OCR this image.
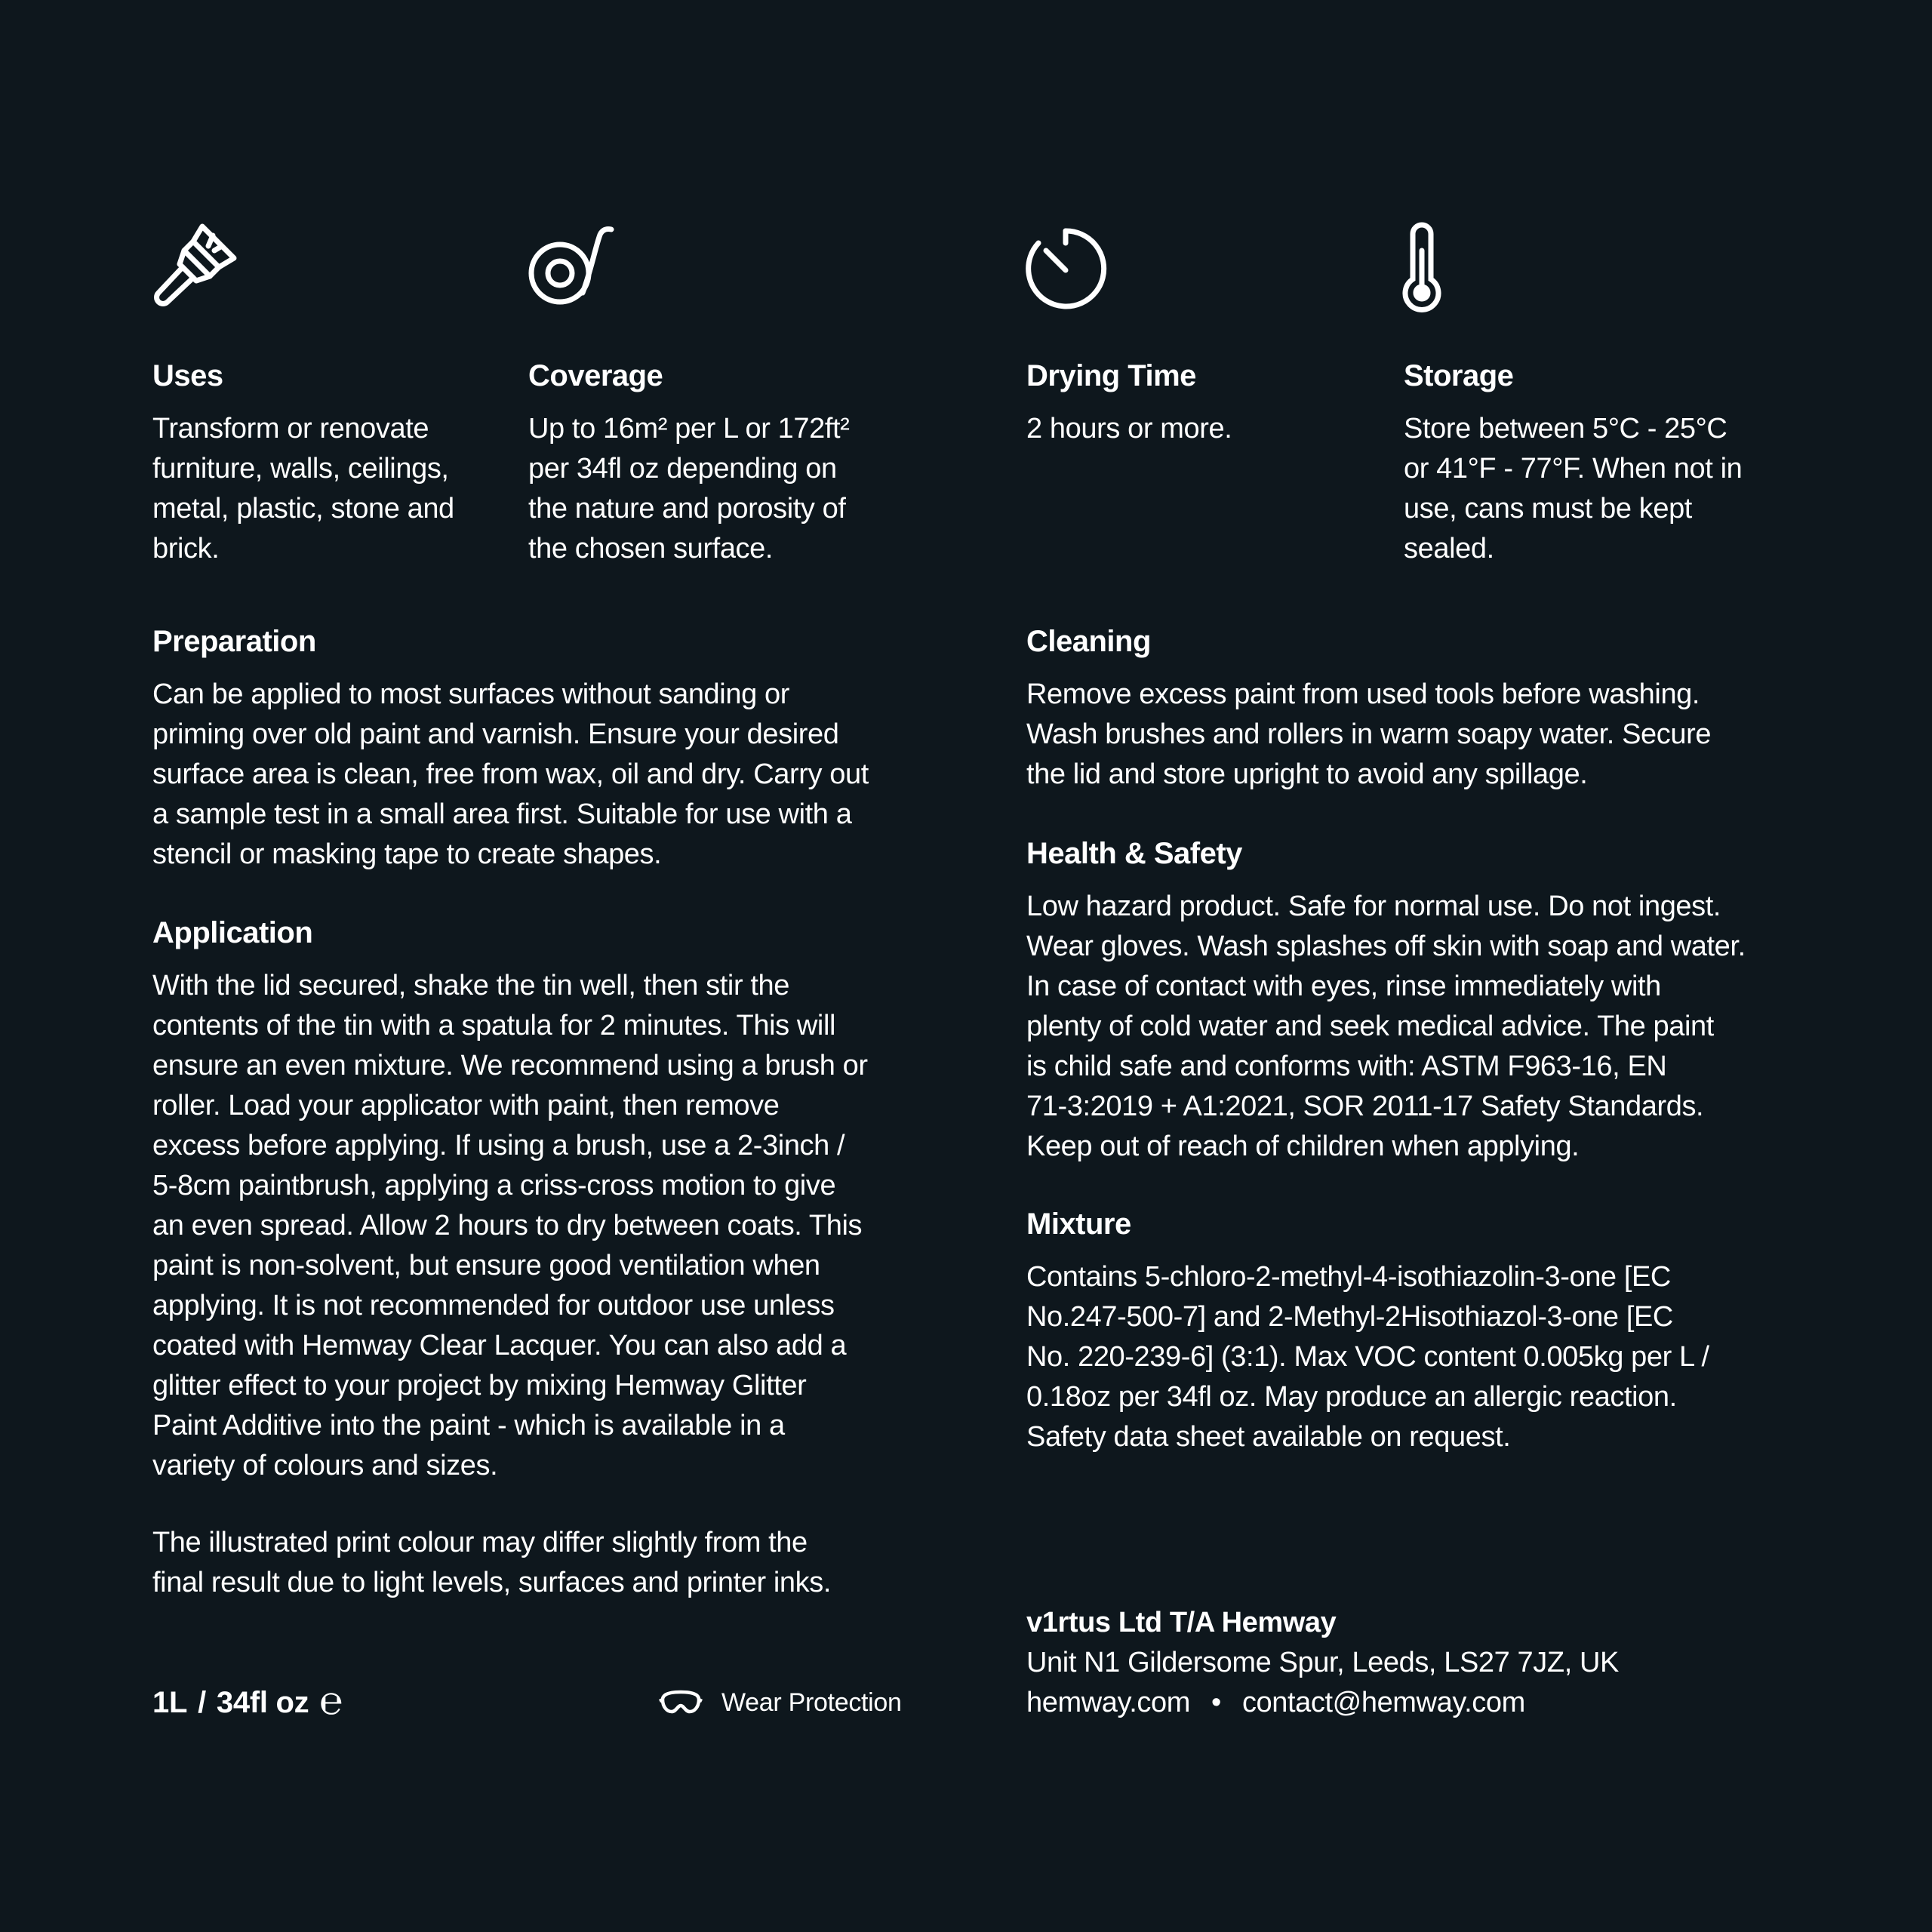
Uses

Transform or renovate
furniture, walls, ceilings,
metal, plastic, stone and
brick.

Coverage

Up to 16m² per L or 172ft²
per 34fl oz depending on
the nature and porosity of
the chosen surface.

Drying Time

2 hours or more.

Storage

Store between 5°C - 25°C
or 41°F - 77°F. When not in
use, cans must be kept
sealed.

Preparation

Can be applied to most surfaces without sanding or
priming over old paint and varnish. Ensure your desired
surface area is clean, free from wax, oil and dry. Carry out
a sample test in a small area first. Suitable for use with a
stencil or masking tape to create shapes.

Application

With the lid secured, shake the tin well, then stir the
contents of the tin with a spatula for 2 minutes. This will
ensure an even mixture. We recommend using a brush or
roller. Load your applicator with paint, then remove
excess before applying. If using a brush, use a 2-3inch /
5-8cm paintbrush, applying a criss-cross motion to give
an even spread. Allow 2 hours to dry between coats. This
paint is non-solvent, but ensure good ventilation when
applying. It is not recommended for outdoor use unless
coated with Hemway Clear Lacquer. You can also add a
glitter effect to your project by mixing Hemway Glitter
Paint Additive into the paint - which is available in a
variety of colours and sizes.

The illustrated print colour may differ slightly from the
final result due to light levels, surfaces and printer inks.

Cleaning

Remove excess paint from used tools before washing.
Wash brushes and rollers in warm soapy water. Secure
the lid and store upright to avoid any spillage.

Health & Safety

Low hazard product. Safe for normal use. Do not ingest.
Wear gloves. Wash splashes off skin with soap and water.
In case of contact with eyes, rinse immediately with
plenty of cold water and seek medical advice. The paint
is child safe and conforms with: ASTM F963-16, EN
71-3:2019 + A1:2021, SOR 2011-17 Safety Standards.
Keep out of reach of children when applying.

Mixture

Contains 5-chloro-2-methyl-4-isothiazolin-3-one [EC
No.247-500-7] and 2-Methyl-2Hisothiazol-3-one [EC
No. 220-239-6] (3:1). Max VOC content 0.005kg per L /
0.18oz per 34fl oz. May produce an allergic reaction.
Safety data sheet available on request.

1L / 34fl oz ℮	Wear Protection
v1rtus Ltd T/A Hemway
Unit N1 Gildersome Spur, Leeds, LS27 7JZ, UK
hemway.com • contact@hemway.com
